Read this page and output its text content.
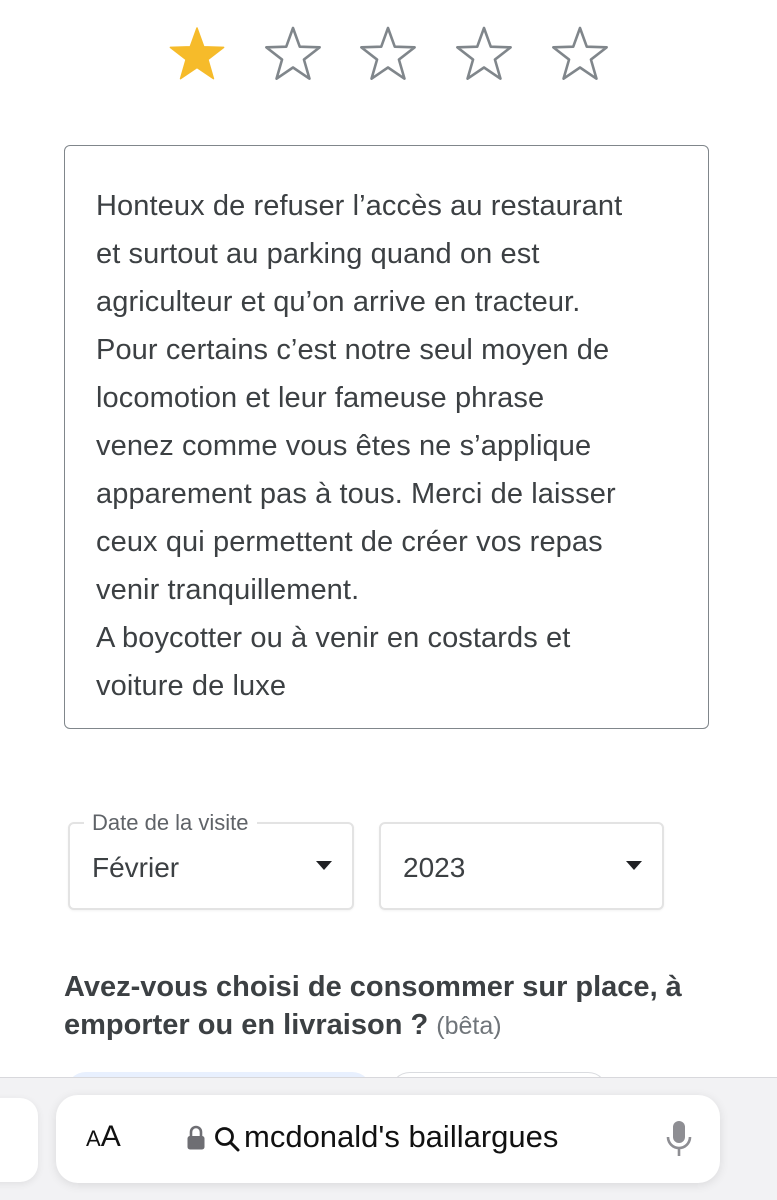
Honteux de refuser l’accès au restaurant
et surtout au parking quand on est
agriculteur et qu’on arrive en tracteur.
Pour certains c’est notre seul moyen de
locomotion et leur fameuse phrase
venez comme vous êtes ne s’applique
apparement pas à tous. Merci de laisser
ceux qui permettent de créer vos repas
venir tranquillement.
A boycotter ou à venir en costards et
voiture de luxe
Date de la visite
Février	2023
Avez-vous choisi de consommer sur place, à emporter ou en livraison ? (bêta)
AA	mcdonald's baillargues
